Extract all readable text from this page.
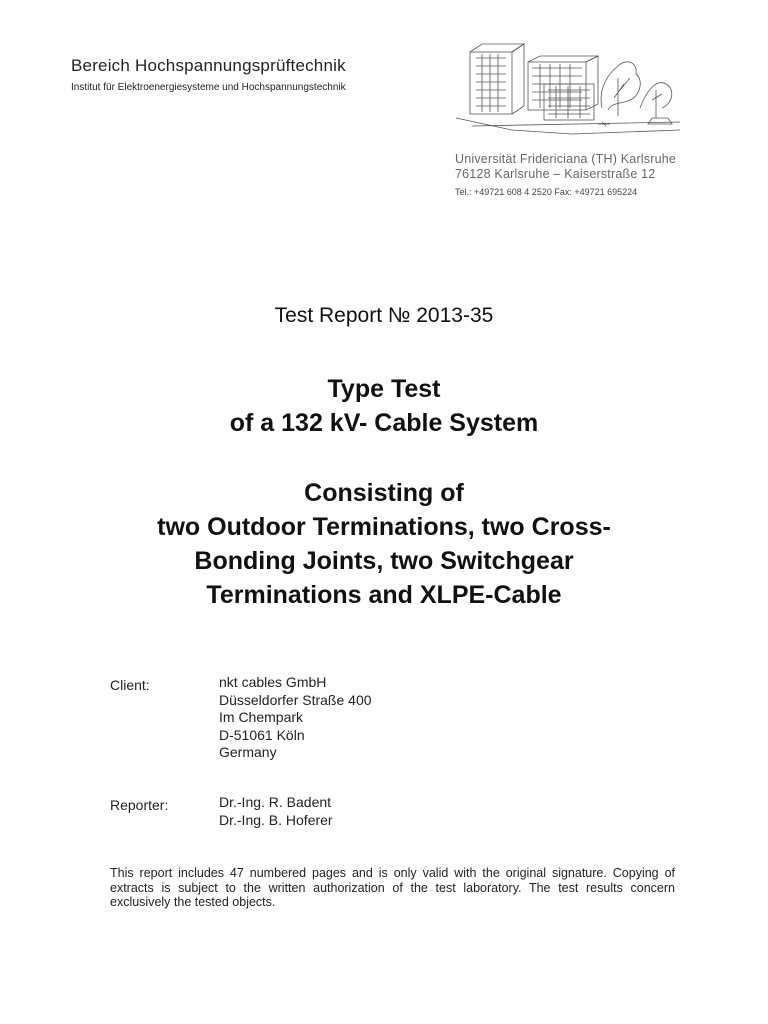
Bereich Hochspannungsprüftechnik
Institut für Elektroenergiesysteme und Hochspannungstechnik
Universität Fridericiana (TH) Karlsruhe
76128 Karlsruhe – Kaiserstraße 12
Tel.: +49721 608 4 2520 Fax: +49721 695224
Test Report № 2013-35
Type Test
of a 132 kV- Cable System
Consisting of
two Outdoor Terminations, two Cross-
Bonding Joints, two Switchgear
Terminations and XLPE-Cable
Client:	nkt cables GmbH
Düsseldorfer Straße 400
Im Chempark
D-51061 Köln
Germany
Reporter:	Dr.-Ing. R. Badent
Dr.-Ing. B. Hoferer
This report includes 47 numbered pages and is only valid with the original signature. Copying of extracts is subject to the written authorization of the test laboratory. The test results concern exclusively the tested objects.
